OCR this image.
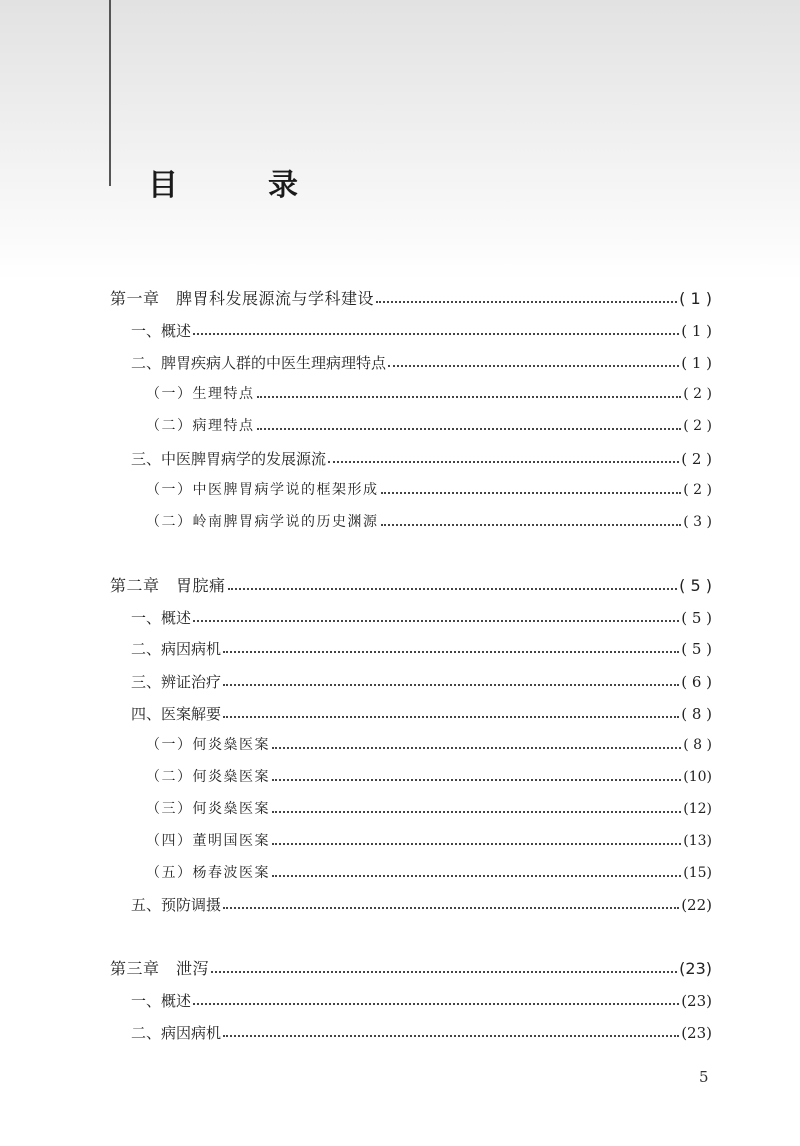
目　录
第一章　脾胃科发展源流与学科建设	( 1 )
一、概述	( 1 )
二、脾胃疾病人群的中医生理病理特点	( 1 )
（一）生理特点	( 2 )
（二）病理特点	( 2 )
三、中医脾胃病学的发展源流	( 2 )
（一）中医脾胃病学说的框架形成	( 2 )
（二）岭南脾胃病学说的历史渊源	( 3 )
第二章　胃脘痛	( 5 )
一、概述	( 5 )
二、病因病机	( 5 )
三、辨证治疗	( 6 )
四、医案解要	( 8 )
（一）何炎燊医案	( 8 )
（二）何炎燊医案	(10)
（三）何炎燊医案	(12)
（四）董明国医案	(13)
（五）杨春波医案	(15)
五、预防调摄	(22)
第三章　泄泻	(23)
一、概述	(23)
二、病因病机	(23)
5
